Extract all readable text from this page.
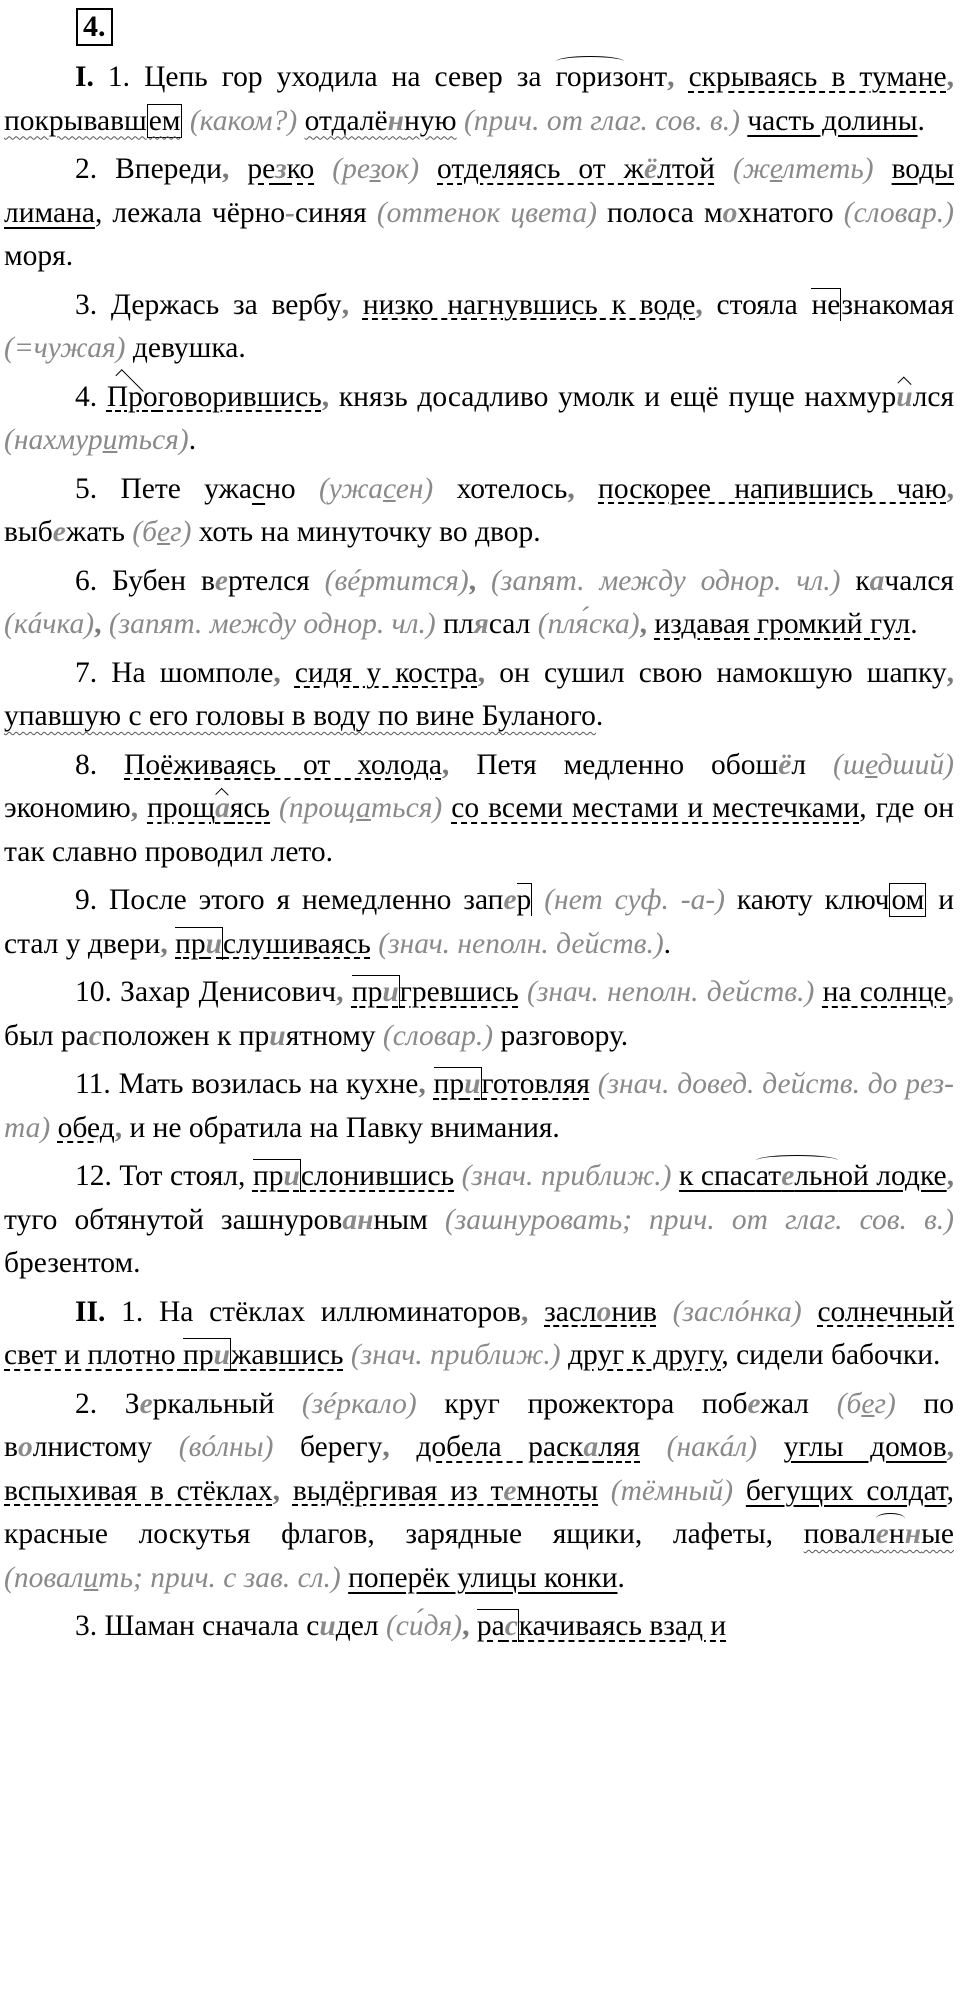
4.

I. 1. Цепь гор уходила на север за горизонт, скрываясь в тумане, покрывавшем (каком?) отдалённую (прич. от глаг. сов. в.) часть долины.

2. Впереди, резко (резок) отделяясь от жёлтой (желтеть) воды лимана, лежала чёрно-синяя (оттенок цвета) полоса мохнатого (словар.) моря.

3. Держась за вербу, низко нагнувшись к воде, стояла незнакомая (=чужая) девушка.

4. Проговорившись, князь досадливо умолк и ещё пуще нахмурился (нахмуриться).

5. Пете ужасно (ужасен) хотелось, поскорее напившись чаю, выбежать (бег) хоть на минуточку во двор.

6. Бубен вертелся (вéртится), (запят. между однор. чл.) качался (кáчка), (запят. между однор. чл.) плясал (пля́ска), издавая громкий гул.

7. На шомполе, сидя у костра, он сушил свою намокшую шапку, упавшую с его головы в воду по вине Буланого.

8. Поёживаясь от холода, Петя медленно обошёл (шедший) экономию, прощаясь (прощаться) со всеми местами и местечками, где он так славно проводил лето.

9. После этого я немедленно запер (нет суф. -а-) каюту ключом и стал у двери, прислушиваясь (знач. неполн. действ.).

10. Захар Денисович, пригревшись (знач. неполн. действ.) на солнце, был расположен к приятному (словар.) разговору.

11. Мать возилась на кухне, приготовляя (знач. довед. действ. до рез-та) обед, и не обратила на Павку внимания.

12. Тот стоял, прислонившись (знач. приближ.) к спасательной лодке, туго обтянутой зашнурованным (зашнуровать; прич. от глаг. сов. в.) брезентом.

II. 1. На стёклах иллюминаторов, заслонив (заслóнка) солнечный свет и плотно прижавшись (знач. приближ.) друг к другу, сидели бабочки.

2. Зеркальный (зéркало) круг прожектора побежал (бег) по волнистому (вóлны) берегу, добела раскаляя (накáл) углы домов, вспыхивая в стёклах, выдёргивая из темноты (тёмный) бегущих солдат, красные лоскутья флагов, зарядные ящики, лафеты, поваленные (повалить; прич. с зав. сл.) поперёк улицы конки.

3. Шаман сначала сидел (си́дя), раскачиваясь взад и
